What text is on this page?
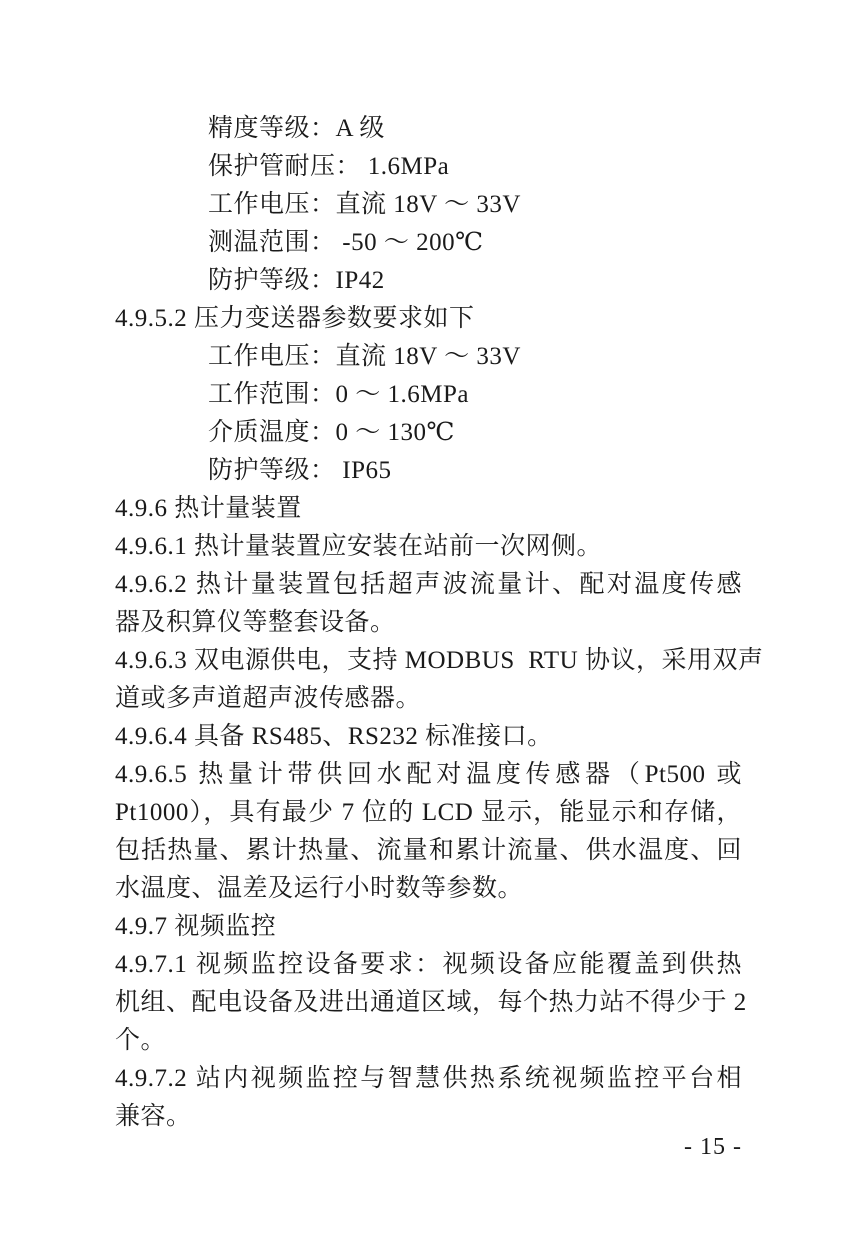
精度等级：A 级
保护管耐压： 1.6MPa
工作电压：直流 18V ～ 33V
测温范围： -50 ～ 200℃
防护等级：IP42
4.9.5.2 压力变送器参数要求如下
工作电压：直流 18V ～ 33V
工作范围：0 ～ 1.6MPa
介质温度：0 ～ 130℃
防护等级： IP65
4.9.6 热计量装置
4.9.6.1 热计量装置应安装在站前一次网侧。
4.9.6.2 热计量装置包括超声波流量计、配对温度传感
器及积算仪等整套设备。
4.9.6.3 双电源供电，支持 MODBUS  RTU 协议，采用双声
道或多声道超声波传感器。
4.9.6.4 具备 RS485、RS232 标准接口。
4.9.6.5 热量计带供回水配对温度传感器（Pt500 或
Pt1000），具有最少 7 位的 LCD 显示，能显示和存储，
包括热量、累计热量、流量和累计流量、供水温度、回
水温度、温差及运行小时数等参数。
4.9.7 视频监控
4.9.7.1 视频监控设备要求：视频设备应能覆盖到供热
机组、配电设备及进出通道区域，每个热力站不得少于 2
个。
4.9.7.2 站内视频监控与智慧供热系统视频监控平台相
兼容。
- 15 -
